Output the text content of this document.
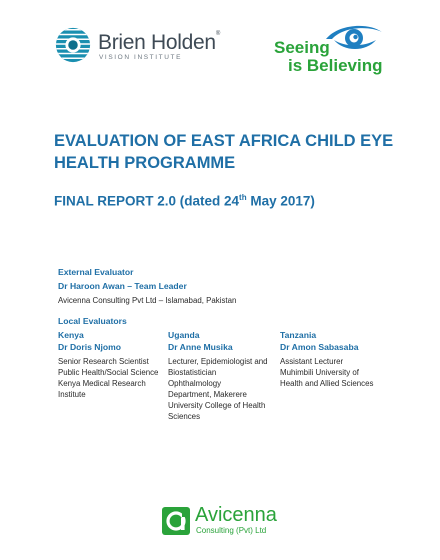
Brien Holden®
VISION INSTITUTE
Seeing
is Believing
EVALUATION OF EAST AFRICA CHILD EYE HEALTH PROGRAMME
FINAL REPORT 2.0 (dated 24th May 2017)
External Evaluator
Dr Haroon Awan – Team Leader
Avicenna Consulting Pvt Ltd – Islamabad, Pakistan
Local Evaluators
Kenya
Dr Doris Njomo
Senior Research Scientist
Public Health/Social Science
Kenya Medical Research
Institute
Uganda
Dr Anne Musika
Lecturer, Epidemiologist and
Biostatistician
Ophthalmology
Department, Makerere
University College of Health
Sciences
Tanzania
Dr Amon Sabasaba
Assistant Lecturer
Muhimbili University of
Health and Allied Sciences
Avicenna
Consulting (Pvt) Ltd
